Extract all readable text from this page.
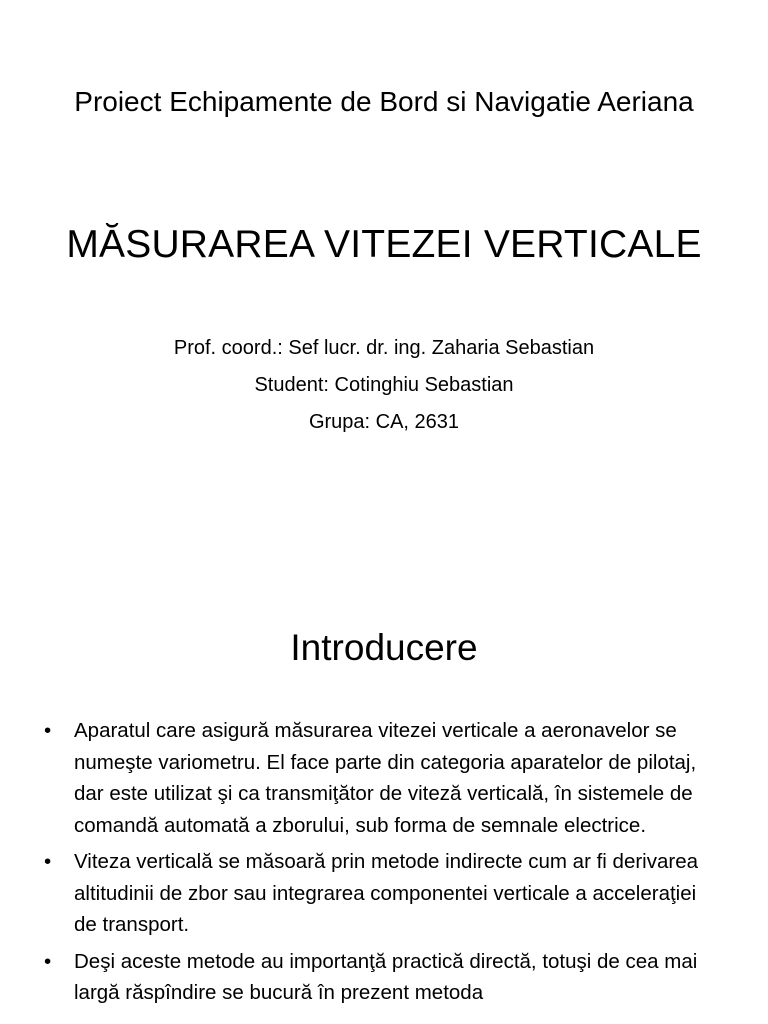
Proiect Echipamente de Bord si Navigatie Aeriana
MĂSURAREA VITEZEI VERTICALE
Prof. coord.: Sef lucr. dr. ing. Zaharia Sebastian
Student: Cotinghiu Sebastian
Grupa: CA, 2631
Introducere
• Aparatul care asigură măsurarea vitezei verticale a aeronavelor se numeşte variometru. El face parte din categoria aparatelor de pilotaj, dar este utilizat şi ca transmiţător de viteză verticală, în sistemele de comandă automată a zborului, sub forma de semnale electrice.
• Viteza verticală se măsoară prin metode indirecte cum ar fi derivarea altitudinii de zbor sau integrarea componentei verticale a acceleraţiei de transport.
• Deşi aceste metode au importanţă practică directă, totuşi de cea mai largă răspîndire se bucură în prezent metoda
